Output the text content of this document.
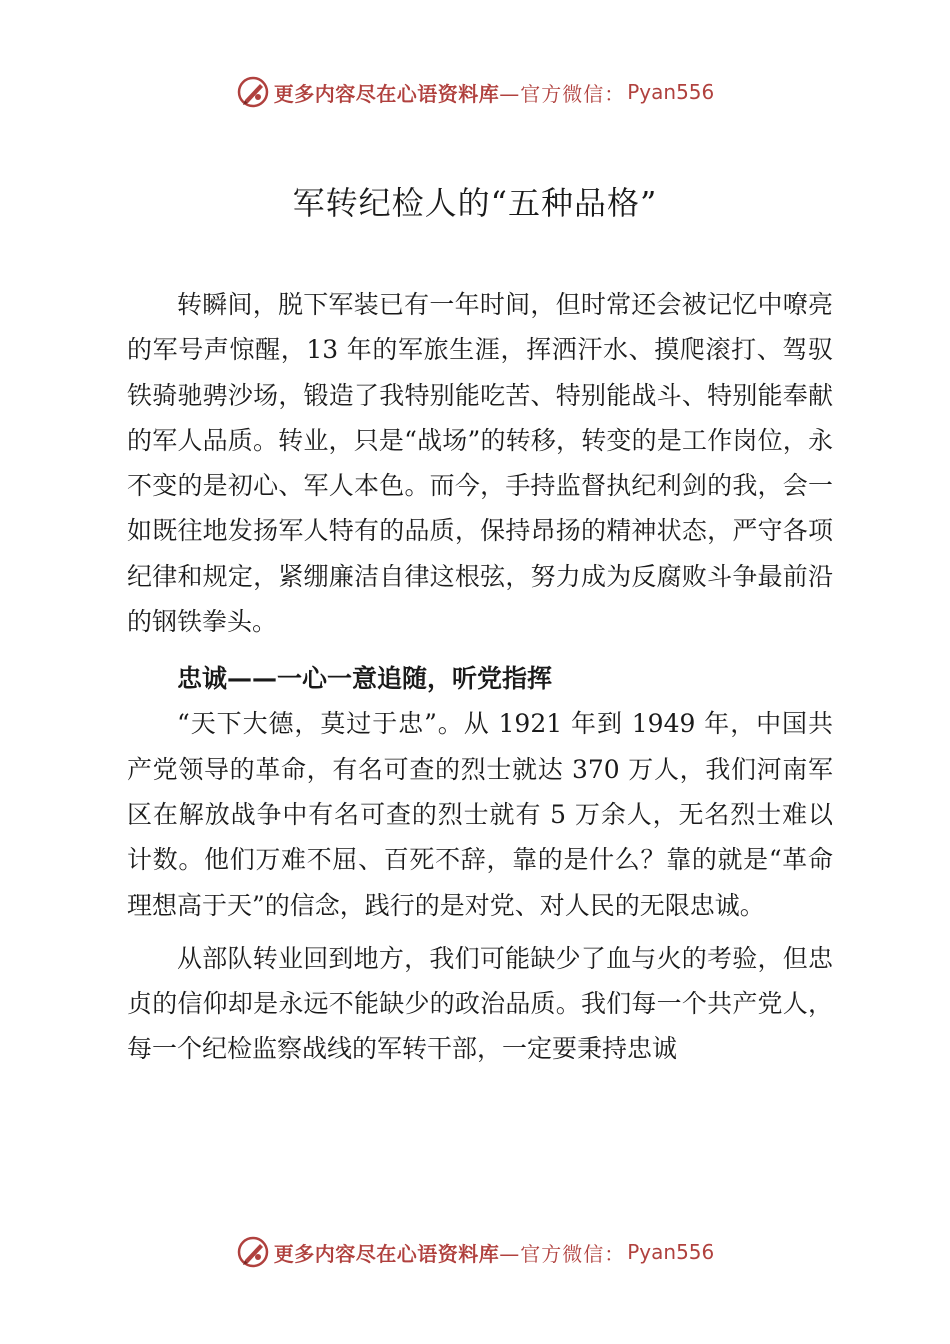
更多内容尽在心语资料库 —官方微信： Pyan556
军转纪检人的“五种品格”

转瞬间，脱下军装已有一年时间，但时常还会被记忆中嘹亮的军号声惊醒，13 年的军旅生涯，挥洒汗水、摸爬滚打、驾驭铁骑驰骋沙场，锻造了我特别能吃苦、特别能战斗、特别能奉献的军人品质。转业，只是“战场”的转移，转变的是工作岗位，永不变的是初心、军人本色。而今，手持监督执纪利剑的我，会一如既往地发扬军人特有的品质，保持昂扬的精神状态，严守各项纪律和规定，紧绷廉洁自律这根弦，努力成为反腐败斗争最前沿的钢铁拳头。

忠诚——一心一意追随，听党指挥

“天下大德，莫过于忠”。从 1921 年到 1949 年，中国共产党领导的革命，有名可查的烈士就达 370 万人，我们河南军区在解放战争中有名可查的烈士就有 5 万余人，无名烈士难以计数。他们万难不屈、百死不辞，靠的是什么？靠的就是“革命理想高于天”的信念，践行的是对党、对人民的无限忠诚。

从部队转业回到地方，我们可能缺少了血与火的考验，但忠贞的信仰却是永远不能缺少的政治品质。我们每一个共产党人，每一个纪检监察战线的军转干部，一定要秉持忠诚

更多内容尽在心语资料库 —官方微信： Pyan556
